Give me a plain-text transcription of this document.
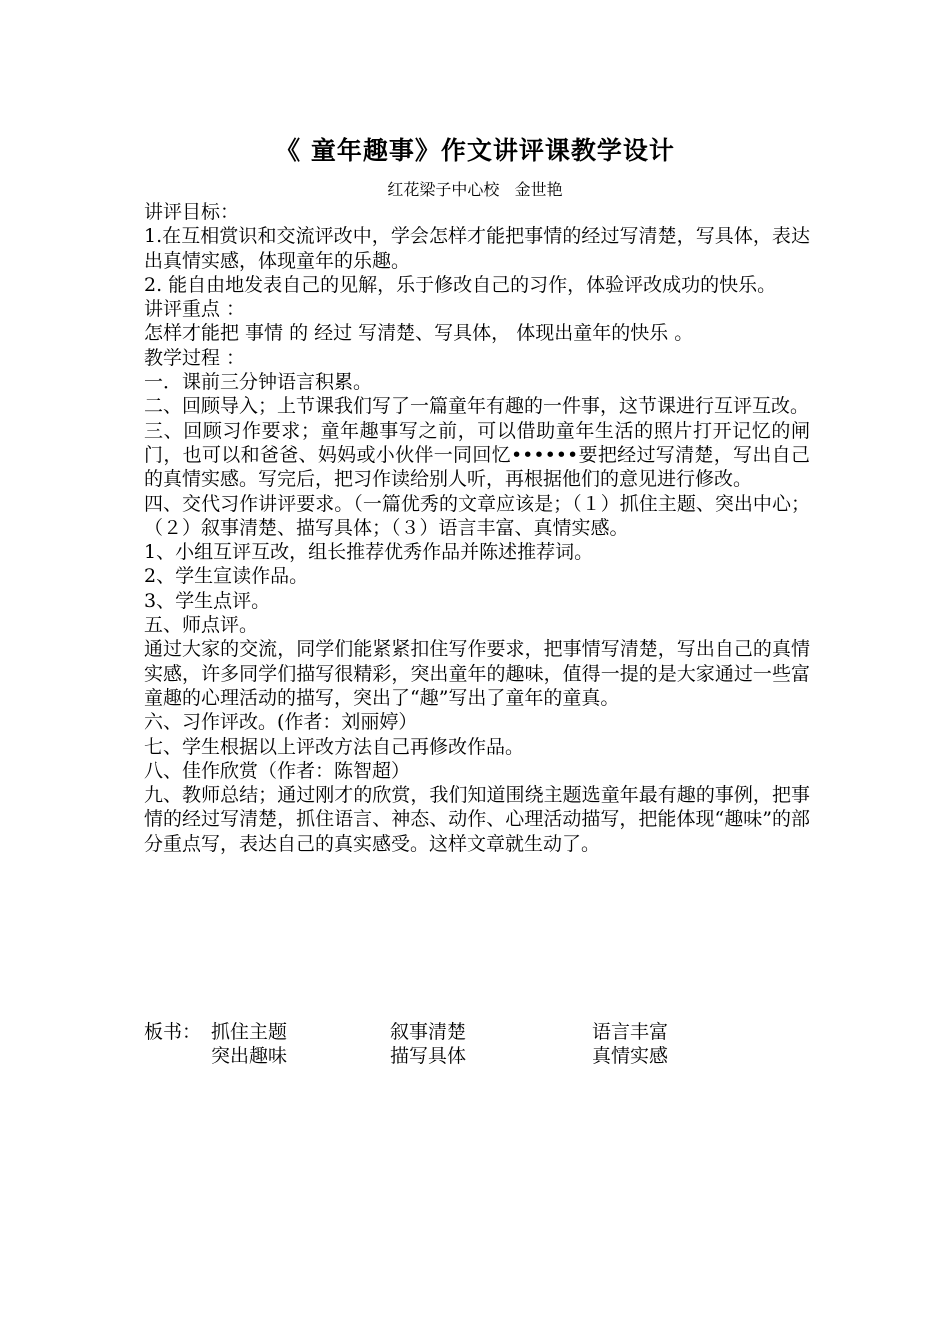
《 童年趣事》作文讲评课教学设计
红花梁子中心校   金世艳

讲评目标：

1.在互相赏识和交流评改中，学会怎样才能把事情的经过写清楚，写具体，表达出真情实感，体现童年的乐趣。

2. 能自由地发表自己的见解，乐于修改自己的习作，体验评改成功的快乐。

讲评重点 ：

怎样才能把 事情 的 经过 写清楚、写具体， 体现出童年的快乐 。

教学过程 ：

一．课前三分钟语言积累。

二、回顾导入；上节课我们写了一篇童年有趣的一件事，这节课进行互评互改。

三、回顾习作要求；童年趣事写之前，可以借助童年生活的照片打开记忆的闸门，也可以和爸爸、妈妈或小伙伴一同回忆••••••要把经过写清楚，写出自己的真情实感。写完后，把习作读给别人听，再根据他们的意见进行修改。

四、交代习作讲评要求。（一篇优秀的文章应该是；（１）抓住主题、突出中心；（２）叙事清楚、描写具体；（３）语言丰富、真情实感。

1、小组互评互改，组长推荐优秀作品并陈述推荐词。

2、学生宣读作品。

3、学生点评。

五、师点评。

通过大家的交流，同学们能紧紧扣住写作要求，把事情写清楚，写出自己的真情实感，许多同学们描写很精彩，突出童年的趣味，值得一提的是大家通过一些富童趣的心理活动的描写，突出了“趣”写出了童年的童真。

六、习作评改。(作者：刘丽婷）

七、学生根据以上评改方法自己再修改作品。

八、佳作欣赏（作者：陈智超）

九、教师总结；通过刚才的欣赏，我们知道围绕主题选童年最有趣的事例，把事情的经过写清楚，抓住语言、神态、动作、心理活动描写，把能体现“趣味”的部分重点写，表达自己的真实感受。这样文章就生动了。

板书： 抓住主题	叙事清楚	语言丰富
突出趣味	描写具体	真情实感
